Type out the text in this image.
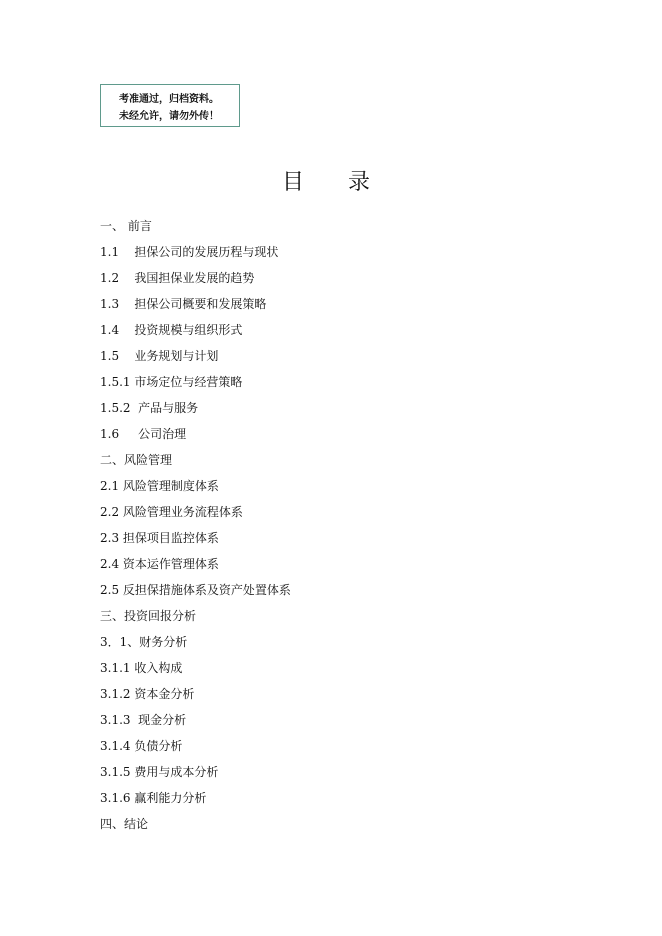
考准通过，归档资料。
未经允许，请勿外传！
目录
一、 前言
1.1    担保公司的发展历程与现状
1.2    我国担保业发展的趋势
1.3    担保公司概要和发展策略
1.4    投资规模与组织形式
1.5    业务规划与计划
1.5.1 市场定位与经营策略
1.5.2  产品与服务
1.6     公司治理
二、风险管理
2.1 风险管理制度体系
2.2 风险管理业务流程体系
2.3 担保项目监控体系
2.4 资本运作管理体系
2.5 反担保措施体系及资产处置体系
三、投资回报分析
3．1、财务分析
3.1.1 收入构成
3.1.2 资本金分析
3.1.3  现金分析
3.1.4 负债分析
3.1.5 费用与成本分析
3.1.6 赢利能力分析
四、结论
